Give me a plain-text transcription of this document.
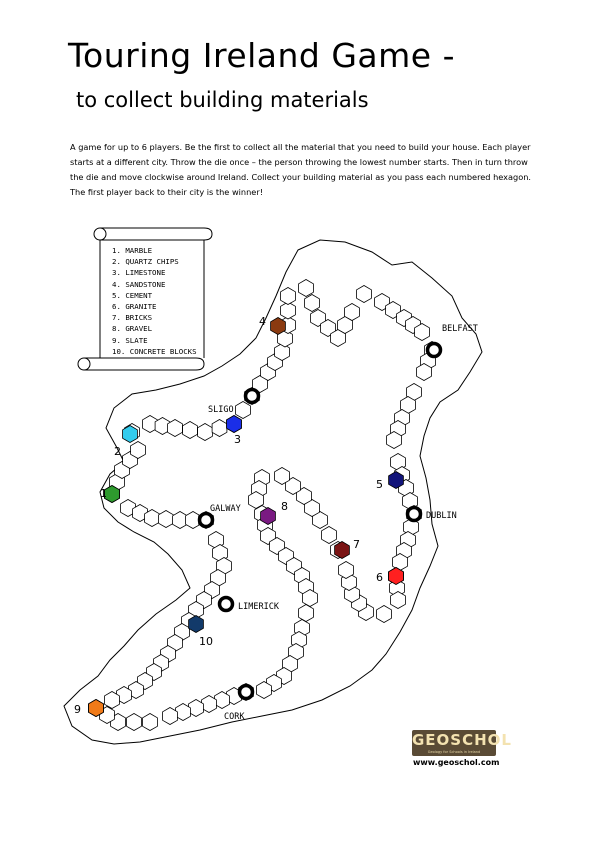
Touring Ireland Game -
to collect building materials
A game for up to 6 players. Be the first to collect all the material that you need to build your house. Each player starts at a different city. Throw the die once – the person throwing the lowest number starts. Then in turn throw the die and move clockwise around Ireland. Collect your building material as you pass each numbered hexagon. The first player back to their city is the winner!
1
2
3
4
5
6
7
8
9
10
BELFAST
SLIGO
GALWAY
DUBLIN
LIMERICK
CORK
1. MARBLE
2. QUARTZ CHIPS
3. LIMESTONE
4. SANDSTONE
5. CEMENT
6. GRANITE
7. BRICKS
8. GRAVEL
9. SLATE
10. CONCRETE BLOCKS
GEOSCHOL
Geology for Schools in Ireland
www.geoschol.com
